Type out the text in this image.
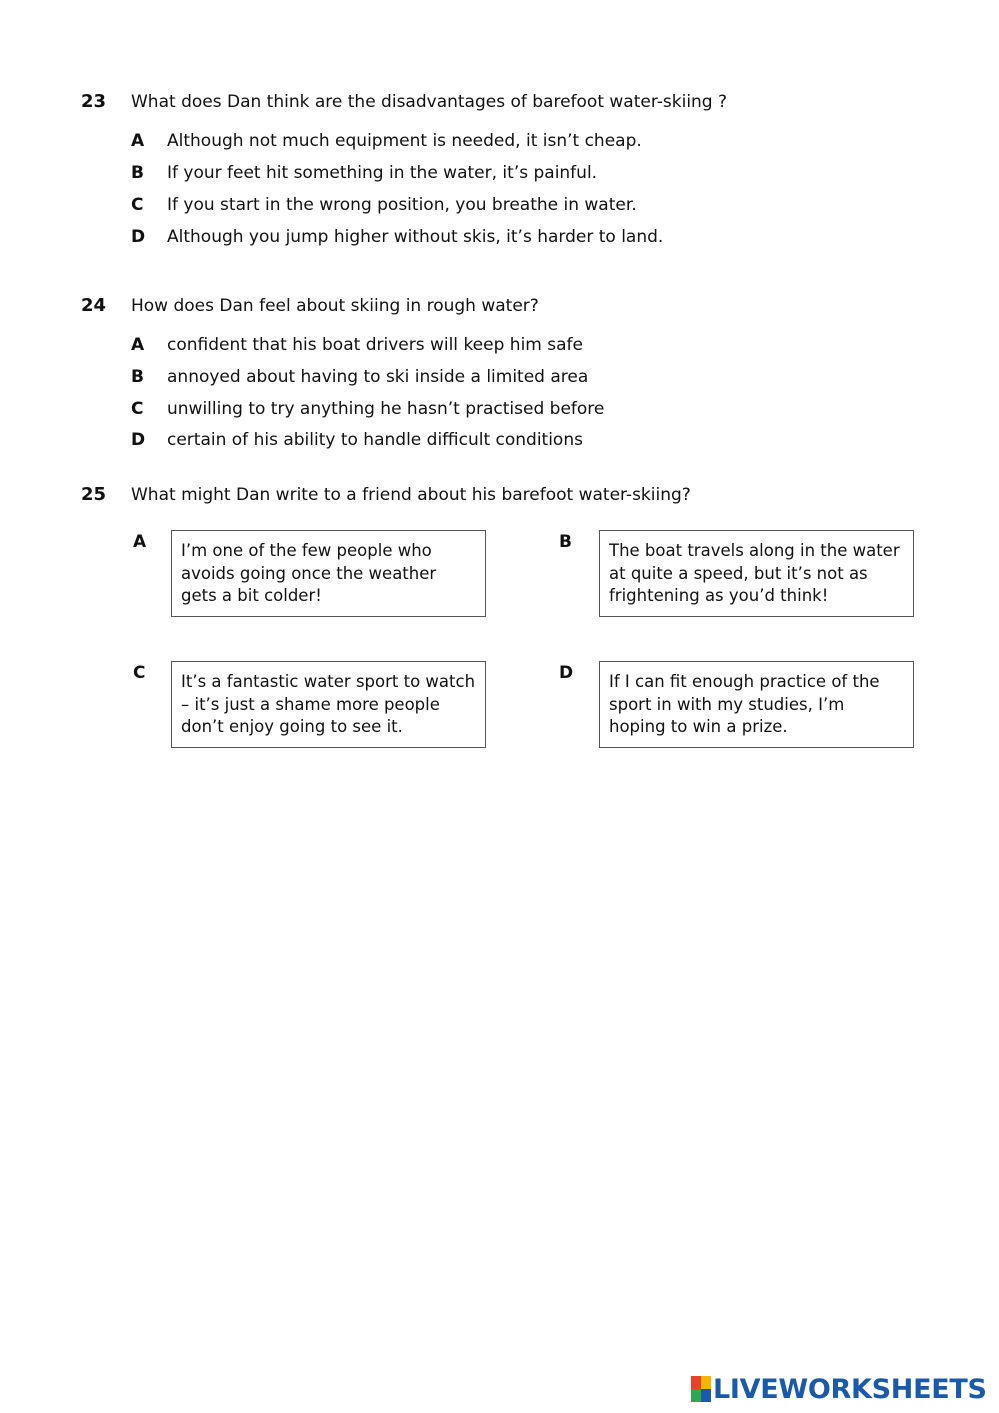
23 What does Dan think are the disadvantages of barefoot water-skiing ?
A Although not much equipment is needed, it isn’t cheap.
B If your feet hit something in the water, it’s painful.
C If you start in the wrong position, you breathe in water.
D Although you jump higher without skis, it’s harder to land.
24 How does Dan feel about skiing in rough water?
A confident that his boat drivers will keep him safe
B annoyed about having to ski inside a limited area
C unwilling to try anything he hasn’t practised before
D certain of his ability to handle difficult conditions
25 What might Dan write to a friend about his barefoot water-skiing?
A	I’m one of the few people who avoids going once the weather gets a bit colder!
B	The boat travels along in the water at quite a speed, but it’s not as frightening as you’d think!
C	It’s a fantastic water sport to watch – it’s just a shame more people don’t enjoy going to see it.
D	If I can fit enough practice of the sport in with my studies, I’m hoping to win a prize.
LIVEWORKSHEETS
